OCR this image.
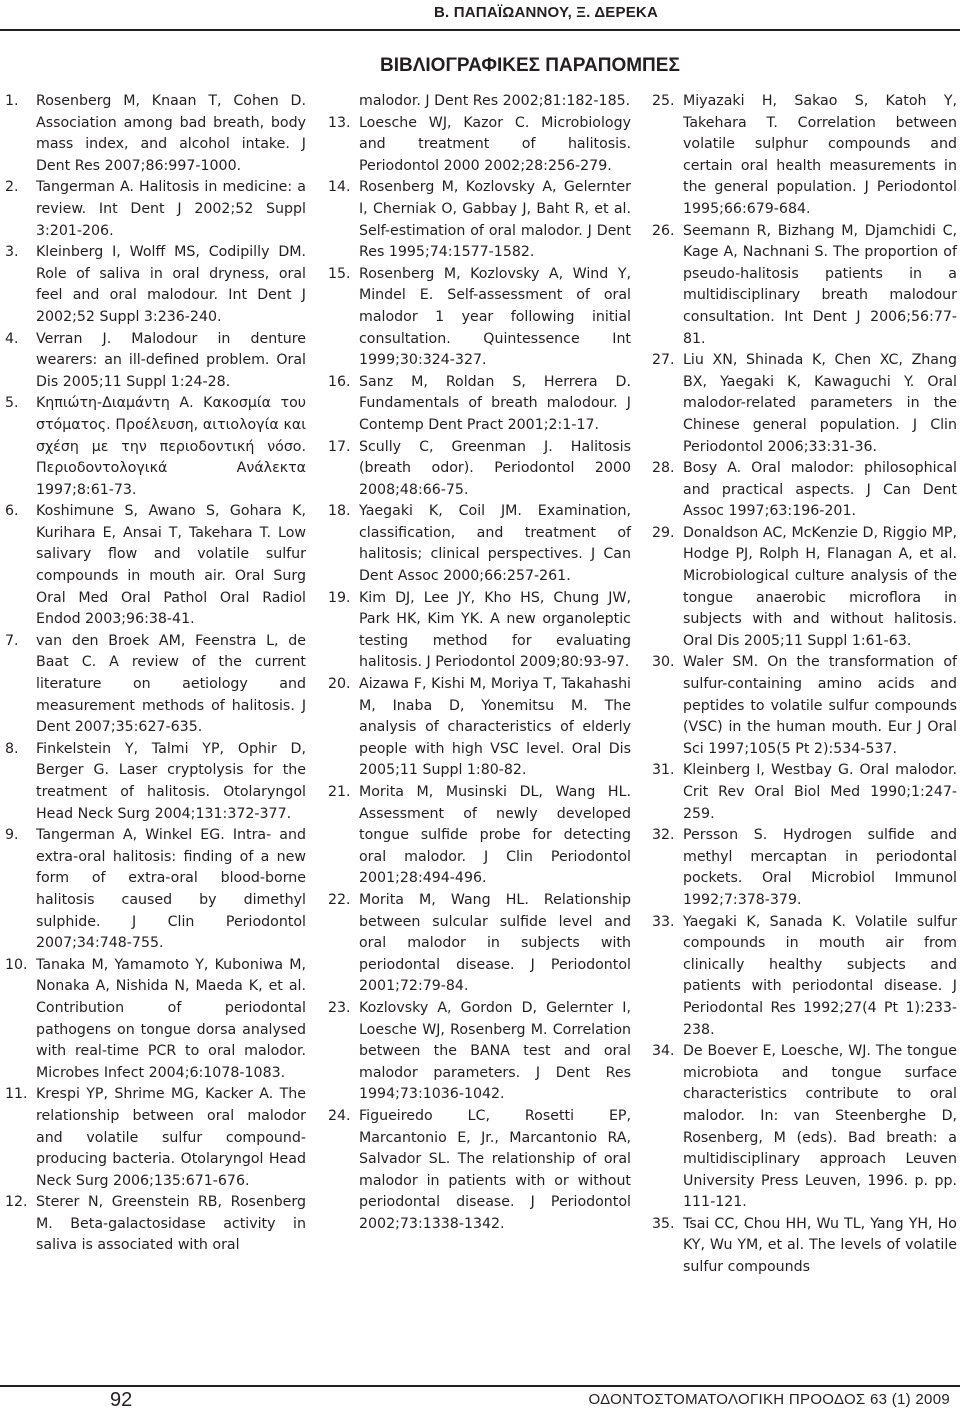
Β. ΠΑΠΑΪΩΑΝΝΟΥ, Ξ. ΔΕΡΕΚΑ
ΒΙΒΛΙΟΓΡΑΦΙΚΕΣ ΠΑΡΑΠΟΜΠΕΣ
1.	Rosenberg M, Knaan T, Cohen D. Association among bad breath, body mass index, and alcohol intake. J Dent Res 2007;86:997-1000.
2.	Tangerman A. Halitosis in medicine: a review. Int Dent J 2002;52 Suppl 3:201-206.
3.	Kleinberg I, Wolff MS, Codipilly DM. Role of saliva in oral dryness, oral feel and oral malodour. Int Dent J 2002;52 Suppl 3:236-240.
4.	Verran J. Malodour in denture wearers: an ill-defined problem. Oral Dis 2005;11 Suppl 1:24-28.
5.	Κηπιώτη-Διαμάντη Α. Κακοσμία του στόματος. Προέλευση, αιτιολογία και σχέση με την περιοδοντική νόσο. Περιοδοντολογικά Ανάλεκτα 1997;8:61-73.
6.	Koshimune S, Awano S, Gohara K, Kurihara E, Ansai T, Takehara T. Low salivary flow and volatile sulfur compounds in mouth air. Oral Surg Oral Med Oral Pathol Oral Radiol Endod 2003;96:38-41.
7.	van den Broek AM, Feenstra L, de Baat C. A review of the current literature on aetiology and measurement methods of halitosis. J Dent 2007;35:627-635.
8.	Finkelstein Y, Talmi YP, Ophir D, Berger G. Laser cryptolysis for the treatment of halitosis. Otolaryngol Head Neck Surg 2004;131:372-377.
9.	Tangerman A, Winkel EG. Intra- and extra-oral halitosis: finding of a new form of extra-oral blood-borne halitosis caused by dimethyl sulphide. J Clin Periodontol 2007;34:748-755.
10. Tanaka M, Yamamoto Y, Kuboniwa M, Nonaka A, Nishida N, Maeda K, et al. Contribution of periodontal pathogens on tongue dorsa analysed with real-time PCR to oral malodor. Microbes Infect 2004;6:1078-1083.
11. Krespi YP, Shrime MG, Kacker A. The relationship between oral malodor and volatile sulfur compound-producing bacteria. Otolaryngol Head Neck Surg 2006;135:671-676.
12. Sterer N, Greenstein RB, Rosenberg M. Beta-galactosidase activity in saliva is associated with oral
malodor. J Dent Res 2002;81:182-185.
13. Loesche WJ, Kazor C. Microbiology and treatment of halitosis. Periodontol 2000 2002;28:256-279.
14. Rosenberg M, Kozlovsky A, Gelernter I, Cherniak O, Gabbay J, Baht R, et al. Self-estimation of oral malodor. J Dent Res 1995;74:1577-1582.
15. Rosenberg M, Kozlovsky A, Wind Y, Mindel E. Self-assessment of oral malodor 1 year following initial consultation. Quintessence Int 1999;30:324-327.
16. Sanz M, Roldan S, Herrera D. Fundamentals of breath malodour. J Contemp Dent Pract 2001;2:1-17.
17. Scully C, Greenman J. Halitosis (breath odor). Periodontol 2000 2008;48:66-75.
18. Yaegaki K, Coil JM. Examination, classification, and treatment of halitosis; clinical perspectives. J Can Dent Assoc 2000;66:257-261.
19. Kim DJ, Lee JY, Kho HS, Chung JW, Park HK, Kim YK. A new organoleptic testing method for evaluating halitosis. J Periodontol 2009;80:93-97.
20. Aizawa F, Kishi M, Moriya T, Takahashi M, Inaba D, Yonemitsu M. The analysis of characteristics of elderly people with high VSC level. Oral Dis 2005;11 Suppl 1:80-82.
21. Morita M, Musinski DL, Wang HL. Assessment of newly developed tongue sulfide probe for detecting oral malodor. J Clin Periodontol 2001;28:494-496.
22. Morita M, Wang HL. Relationship between sulcular sulfide level and oral malodor in subjects with periodontal disease. J Periodontol 2001;72:79-84.
23. Kozlovsky A, Gordon D, Gelernter I, Loesche WJ, Rosenberg M. Correlation between the BANA test and oral malodor parameters. J Dent Res 1994;73:1036-1042.
24. Figueiredo LC, Rosetti EP, Marcantonio E, Jr., Marcantonio RA, Salvador SL. The relationship of oral malodor in patients with or without periodontal disease. J Periodontol 2002;73:1338-1342.
25. Miyazaki H, Sakao S, Katoh Y, Takehara T. Correlation between volatile sulphur compounds and certain oral health measurements in the general population. J Periodontol 1995;66:679-684.
26. Seemann R, Bizhang M, Djamchidi C, Kage A, Nachnani S. The proportion of pseudo-halitosis patients in a multidisciplinary breath malodour consultation. Int Dent J 2006;56:77-81.
27. Liu XN, Shinada K, Chen XC, Zhang BX, Yaegaki K, Kawaguchi Y. Oral malodor-related parameters in the Chinese general population. J Clin Periodontol 2006;33:31-36.
28. Bosy A. Oral malodor: philosophical and practical aspects. J Can Dent Assoc 1997;63:196-201.
29. Donaldson AC, McKenzie D, Riggio MP, Hodge PJ, Rolph H, Flanagan A, et al. Microbiological culture analysis of the tongue anaerobic microflora in subjects with and without halitosis. Oral Dis 2005;11 Suppl 1:61-63.
30. Waler SM. On the transformation of sulfur-containing amino acids and peptides to volatile sulfur compounds (VSC) in the human mouth. Eur J Oral Sci 1997;105(5 Pt 2):534-537.
31. Kleinberg I, Westbay G. Oral malodor. Crit Rev Oral Biol Med 1990;1:247-259.
32. Persson S. Hydrogen sulfide and methyl mercaptan in periodontal pockets. Oral Microbiol Immunol 1992;7:378-379.
33. Yaegaki K, Sanada K. Volatile sulfur compounds in mouth air from clinically healthy subjects and patients with periodontal disease. J Periodontal Res 1992;27(4 Pt 1):233-238.
34. De Boever E, Loesche, WJ. The tongue microbiota and tongue surface characteristics contribute to oral malodor. In: van Steenberghe D, Rosenberg, M (eds). Bad breath: a multidisciplinary approach Leuven University Press Leuven, 1996. p. pp. 111-121.
35. Tsai CC, Chou HH, Wu TL, Yang YH, Ho KY, Wu YM, et al. The levels of volatile sulfur compounds
92	ΟΔΟΝΤΟΣΤΟΜΑΤΟΛΟΓΙΚΗ ΠΡΟΟΔΟΣ 63 (1) 2009
